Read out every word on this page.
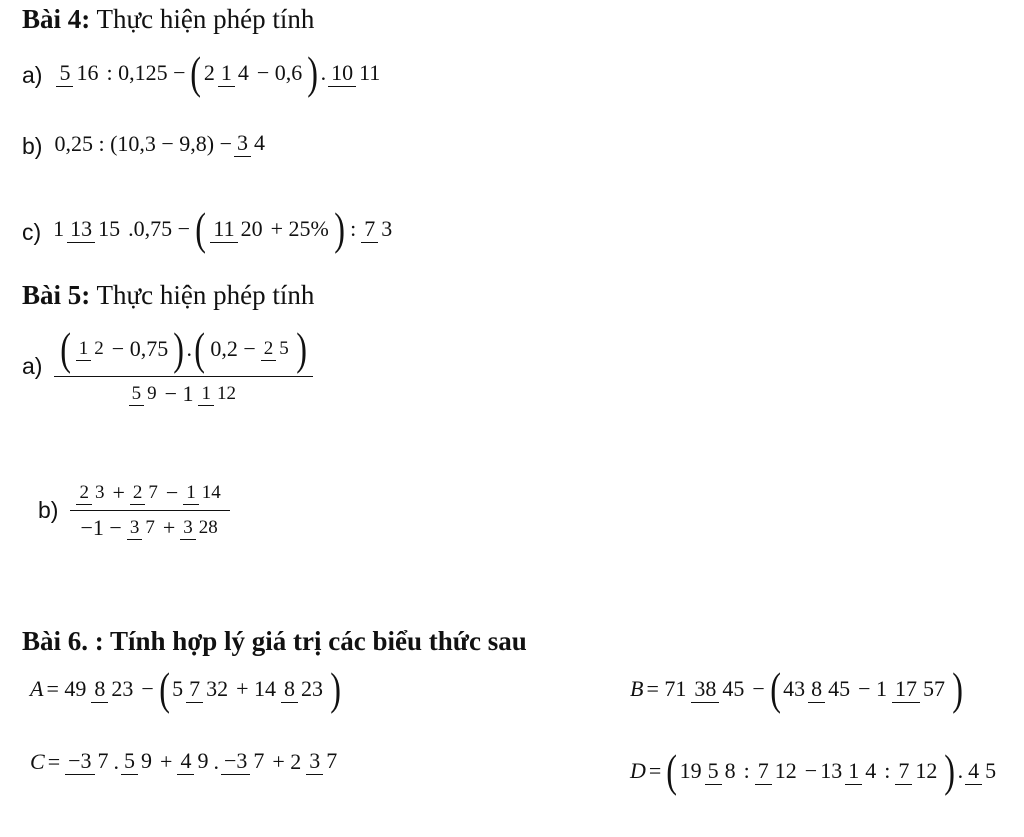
Bài 4: Thực hiện phép tính
a) 5 16 : 0,125 − ( 2 1 4 − 0,6 ) . 10 11
b) 0,25 : (10,3 − 9,8) − 3 4
c) 1 13 15 .0,75 − ( 11 20 + 25% ) : 7 3
Bài 5: Thực hiện phép tính
a) ( 1 2 − 0,75 ) . ( 0,2 − 2 5 )
5 9 − 1 1 12
$b) \frac{2 3 + 2 7 - 1 14}{-1 - 3 7 + 3 28}$
Bài 6. : Tính hợp lý giá trị các biểu thức sau
A = 49 8 23 − ( 5 7 32 + 14 8 23 )	B = 71 38 45 − ( 43 8 45 − 1 17 57 )
C = −3 7 . 5 9 + 4 9 . −3 7 + 2 3 7	D = ( 19 5 8 : 7 12 − 13 1 4 : 7 12 ) . 4 5
